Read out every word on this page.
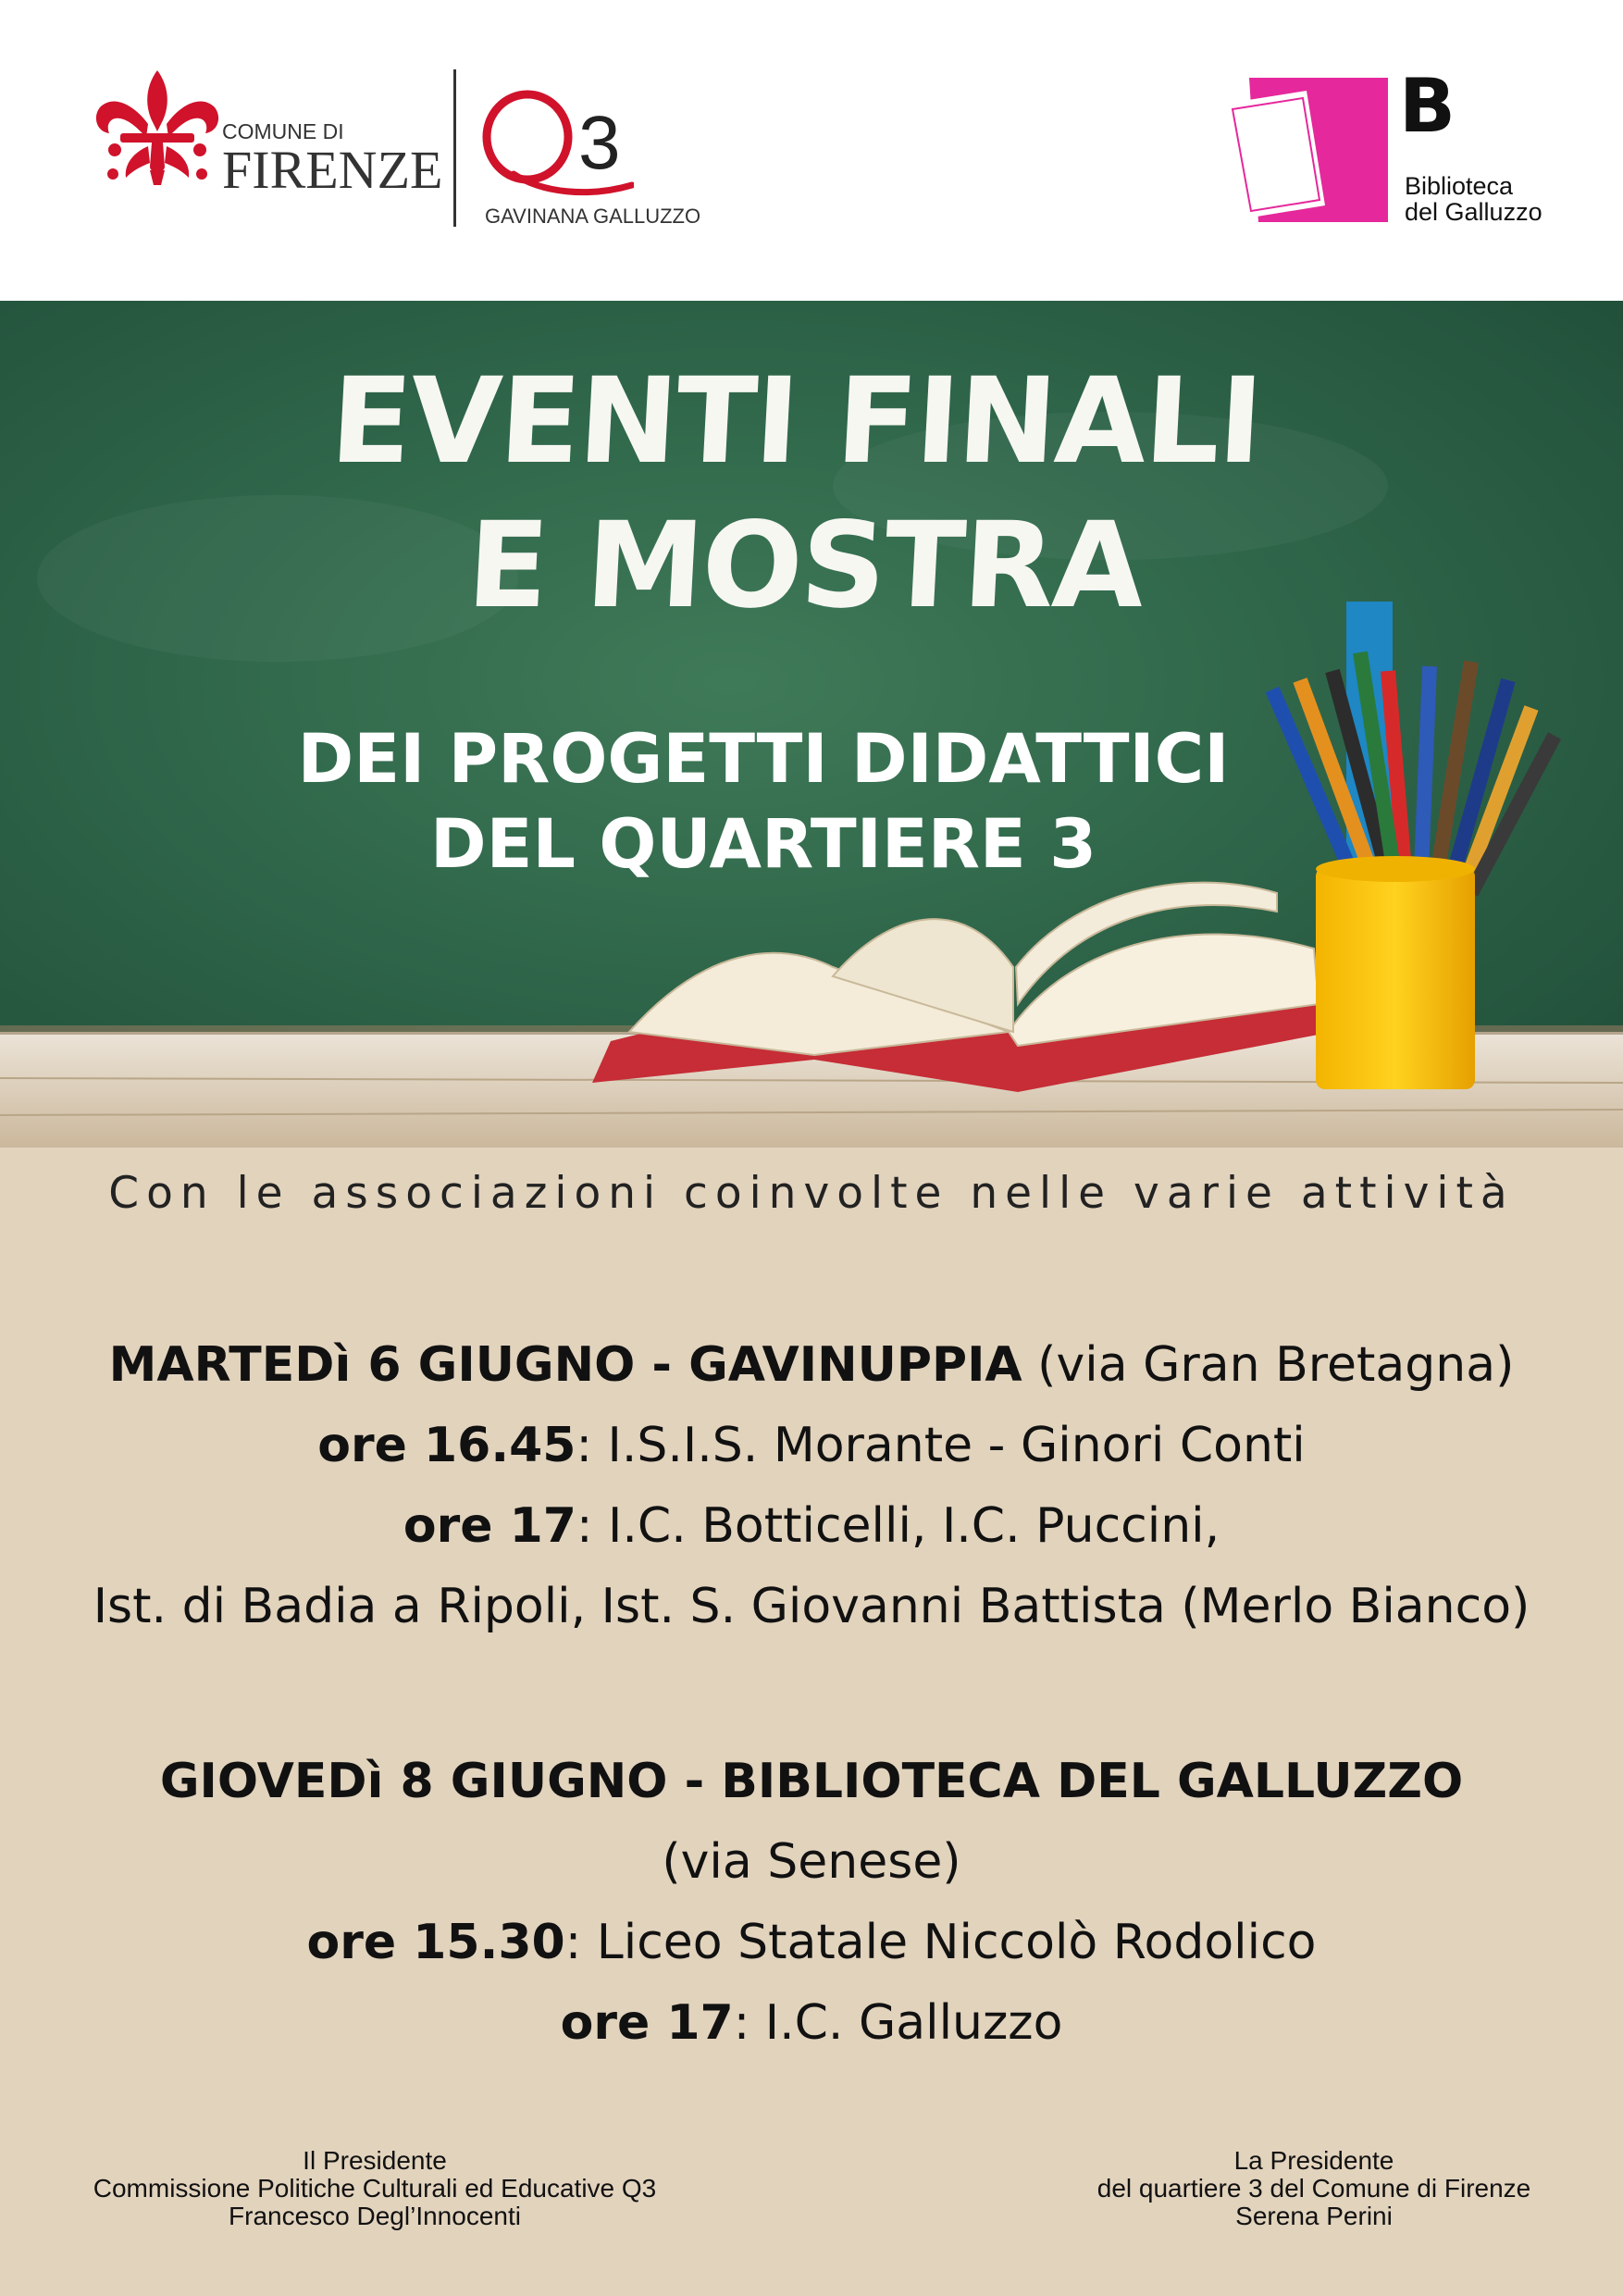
COMUNE DI
FIRENZE 3
GAVINANA GALLUZZO
B
Biblioteca
del Galluzzo
EVENTI FINALI
E MOSTRA
DEI PROGETTI DIDATTICI
DEL QUARTIERE 3
Con le associazioni coinvolte nelle varie attività
MARTEDì 6 GIUGNO - GAVINUPPIA (via Gran Bretagna)
ore 16.45: I.S.I.S. Morante - Ginori Conti
ore 17: I.C. Botticelli, I.C. Puccini,
Ist. di Badia a Ripoli, Ist. S. Giovanni Battista (Merlo Bianco)
GIOVEDì 8 GIUGNO - BIBLIOTECA DEL GALLUZZO
(via Senese)
ore 15.30: Liceo Statale Niccolò Rodolico
ore 17: I.C. Galluzzo
Il Presidente
Commissione Politiche Culturali ed Educative Q3
Francesco Degl’Innocenti
La Presidente
del quartiere 3 del Comune di Firenze
Serena Perini
